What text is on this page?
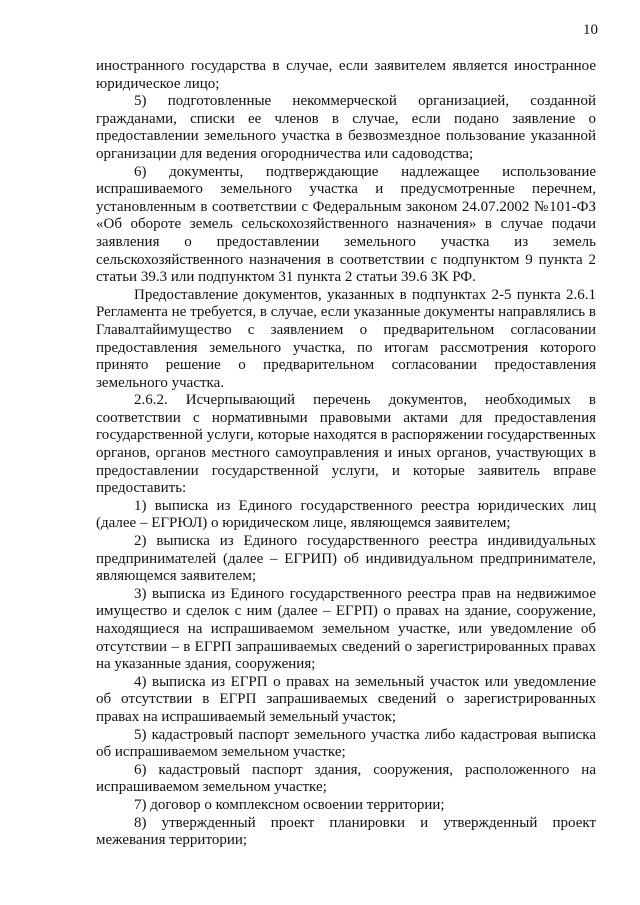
10

иностранного государства в случае, если заявителем является иностранное юридическое лицо;

5) подготовленные некоммерческой организацией, созданной гражданами, списки ее членов в случае, если подано заявление о предоставлении земельного участка в безвозмездное пользование указанной организации для ведения огородничества или садоводства;

6) документы, подтверждающие надлежащее использование испрашиваемого земельного участка и предусмотренные перечнем, установленным в соответствии с Федеральным законом 24.07.2002 №101-ФЗ «Об обороте земель сельскохозяйственного назначения» в случае подачи заявления о предоставлении земельного участка из земель сельскохозяйственного назначения в соответствии с подпунктом 9 пункта 2 статьи 39.3 или подпунктом 31 пункта 2 статьи 39.6 ЗК РФ.

Предоставление документов, указанных в подпунктах 2-5 пункта 2.6.1 Регламента не требуется, в случае, если указанные документы направлялись в Главалтайимущество с заявлением о предварительном согласовании предоставления земельного участка, по итогам рассмотрения которого принято решение о предварительном согласовании предоставления земельного участка.

2.6.2. Исчерпывающий перечень документов, необходимых в соответствии с нормативными правовыми актами для предоставления государственной услуги, которые находятся в распоряжении государственных органов, органов местного самоуправления и иных органов, участвующих в предоставлении государственной услуги, и которые заявитель вправе предоставить:

1) выписка из Единого государственного реестра юридических лиц (далее – ЕГРЮЛ) о юридическом лице, являющемся заявителем;

2) выписка из Единого государственного реестра индивидуальных предпринимателей (далее – ЕГРИП) об индивидуальном предпринимателе, являющемся заявителем;

3) выписка из Единого государственного реестра прав на недвижимое имущество и сделок с ним (далее – ЕГРП) о правах на здание, сооружение, находящиеся на испрашиваемом земельном участке, или уведомление об отсутствии – в ЕГРП запрашиваемых сведений о зарегистрированных правах на указанные здания, сооружения;

4) выписка из ЕГРП о правах на земельный участок или уведомление об отсутствии в ЕГРП запрашиваемых сведений о зарегистрированных правах на испрашиваемый земельный участок;

5) кадастровый паспорт земельного участка либо кадастровая выписка об испрашиваемом земельном участке;

6) кадастровый паспорт здания, сооружения, расположенного на испрашиваемом земельном участке;

7) договор о комплексном освоении территории;

8) утвержденный проект планировки и утвержденный проект межевания территории;
